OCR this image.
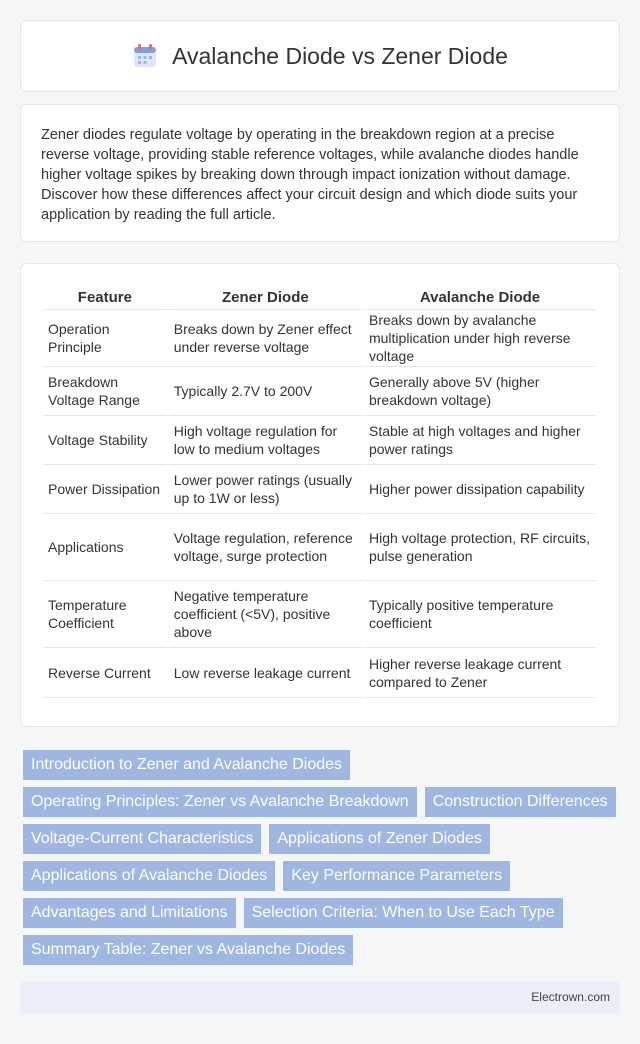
Avalanche Diode vs Zener Diode

Zener diodes regulate voltage by operating in the breakdown region at a precise reverse voltage, providing stable reference voltages, while avalanche diodes handle higher voltage spikes by breaking down through impact ionization without damage. Discover how these differences affect your circuit design and which diode suits your application by reading the full article.

Feature	Zener Diode	Avalanche Diode
Operation Principle	Breaks down by Zener effect under reverse voltage	Breaks down by avalanche multiplication under high reverse voltage
Breakdown Voltage Range	Typically 2.7V to 200V	Generally above 5V (higher breakdown voltage)
Voltage Stability	High voltage regulation for low to medium voltages	Stable at high voltages and higher power ratings
Power Dissipation	Lower power ratings (usually up to 1W or less)	Higher power dissipation capability
Applications	Voltage regulation, reference voltage, surge protection	High voltage protection, RF circuits, pulse generation
Temperature Coefficient	Negative temperature coefficient (<5V), positive above	Typically positive temperature coefficient
Reverse Current	Low reverse leakage current	Higher reverse leakage current compared to Zener
Introduction to Zener and Avalanche Diodes
Operating Principles: Zener vs Avalanche Breakdown	Construction Differences
Voltage-Current Characteristics	Applications of Zener Diodes
Applications of Avalanche Diodes	Key Performance Parameters
Advantages and Limitations	Selection Criteria: When to Use Each Type
Summary Table: Zener vs Avalanche Diodes
Electrown.com
